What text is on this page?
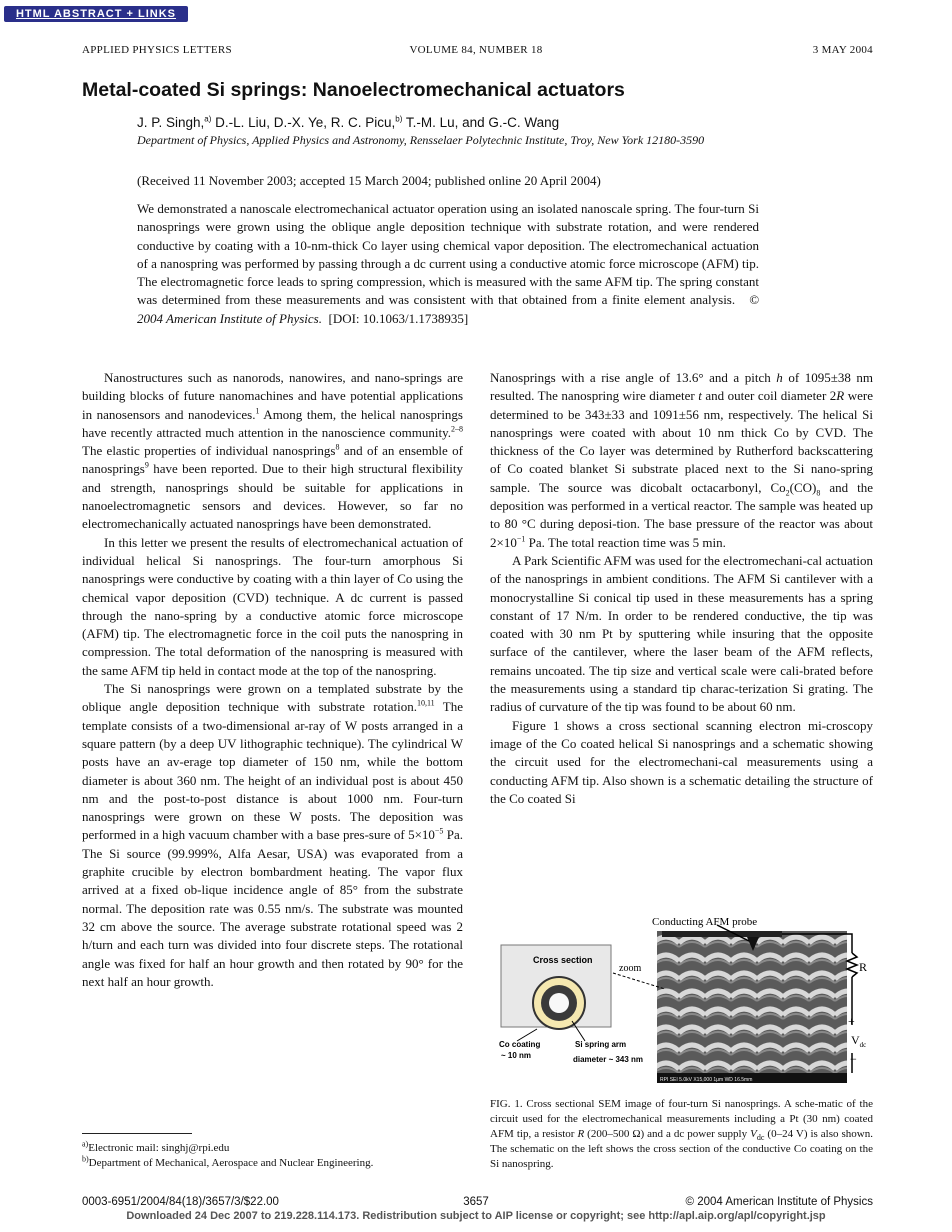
HTML ABSTRACT + LINKS
APPLIED PHYSICS LETTERS	VOLUME 84, NUMBER 18	3 MAY 2004
Metal-coated Si springs: Nanoelectromechanical actuators
J. P. Singh,$^{a)}$ D.-L. Liu, D.-X. Ye, R. C. Picu,$^{b)}$ T.-M. Lu, and G.-C. Wang
Department of Physics, Applied Physics and Astronomy, Rensselaer Polytechnic Institute, Troy, New York 12180-3590
(Received 11 November 2003; accepted 15 March 2004; published online 20 April 2004)
We demonstrated a nanoscale electromechanical actuator operation using an isolated nanoscale spring. The four-turn Si nanosprings were grown using the oblique angle deposition technique with substrate rotation, and were rendered conductive by coating with a 10-nm-thick Co layer using chemical vapor deposition. The electromechanical actuation of a nanospring was performed by passing through a dc current using a conductive atomic force microscope (AFM) tip. The electromagnetic force leads to spring compression, which is measured with the same AFM tip. The spring constant was determined from these measurements and was consistent with that obtained from a finite element analysis. © 2004 American Institute of Physics. [DOI: 10.1063/1.1738935]

Nanostructures such as nanorods, nanowires, and nano-springs are building blocks of future nanomachines and have potential applications in nanosensors and nanodevices.$^1$ Among them, the helical nanosprings have recently attracted much attention in the nanoscience community.$^{2-8}$ The elastic properties of individual nanosprings$^8$ and of an ensemble of nanosprings$^9$ have been reported. Due to their high structural flexibility and strength, nanosprings should be suitable for applications in nanoelectromagnetic sensors and devices. However, so far no electromechanically actuated nanosprings have been demonstrated.

In this letter we present the results of electromechanical actuation of individual helical Si nanosprings. The four-turn amorphous Si nanosprings were conductive by coating with a thin layer of Co using the chemical vapor deposition (CVD) technique. A dc current is passed through the nano-spring by a conductive atomic force microscope (AFM) tip. The electromagnetic force in the coil puts the nanospring in compression. The total deformation of the nanospring is measured with the same AFM tip held in contact mode at the top of the nanospring.

The Si nanosprings were grown on a templated substrate by the oblique angle deposition technique with substrate rotation.$^{10,11}$ The template consists of a two-dimensional ar-ray of W posts arranged in a square pattern (by a deep UV lithographic technique). The cylindrical W posts have an av-erage top diameter of 150 nm, while the bottom diameter is about 360 nm. The height of an individual post is about 450 nm and the post-to-post distance is about 1000 nm. Four-turn nanosprings were grown on these W posts. The deposition was performed in a high vacuum chamber with a base pres-sure of $5\times 10^{-5}$ Pa. The Si source (99.999%, Alfa Aesar, USA) was evaporated from a graphite crucible by electron bombardment heating. The vapor flux arrived at a fixed ob-lique incidence angle of 85° from the substrate normal. The deposition rate was 0.55 nm/s. The substrate was mounted 32 cm above the source. The average substrate rotational speed was 2 h/turn and each turn was divided into four discrete steps. The rotational angle was fixed for half an hour growth and then rotated by 90° for the next half an hour growth.

Nanosprings with a rise angle of 13.6° and a pitch h of 1095±38 nm resulted. The nanospring wire diameter t and outer coil diameter 2R were determined to be 343±33 and 1091±56 nm, respectively. The helical Si nanosprings were coated with about 10 nm thick Co by CVD. The thickness of the Co layer was determined by Rutherford backscattering of Co coated blanket Si substrate placed next to the Si nano-spring sample. The source was dicobalt octacarbonyl, $Co_2(CO)_8$ and the deposition was performed in a vertical reactor. The sample was heated up to 80 °C during deposi-tion. The base pressure of the reactor was about $2\times 10^{-1}$ Pa. The total reaction time was 5 min.

A Park Scientific AFM was used for the electromechani-cal actuation of the nanosprings in ambient conditions. The AFM Si cantilever with a monocrystalline Si conical tip used in these measurements has a spring constant of 17 N/m. In order to be rendered conductive, the tip was coated with 30 nm Pt by sputtering while insuring that the opposite surface of the cantilever, where the laser beam of the AFM reflects, remains uncoated. The tip size and vertical scale were cali-brated before the measurements using a standard tip charac-terization Si grating. The radius of curvature of the tip was found to be about 60 nm.

Figure 1 shows a cross sectional scanning electron mi-croscopy image of the Co coated helical Si nanosprings and a schematic showing the circuit used for the electromechani-cal measurements using a conducting AFM tip. Also shown is a schematic detailing the structure of the Co coated Si

RPI SEI 5.0kV X15,000 1μm WD 16.5mm
Conducting AFM probe
R
+
$V_{dc}$
−
Cross section
zoom
Co coating
~ 10 nm
Si spring arm
diameter ~ 343 nm
FIG. 1. Cross sectional SEM image of four-turn Si nanosprings. A sche-matic of the circuit used for the electromechanical measurements including a Pt (30 nm) coated AFM tip, a resistor R (200–500 Ω) and a dc power supply $V_{dc}$ (0–24 V) is also shown. The schematic on the left shows the cross section of the conductive Co coating on the Si nanospring.
$^{a)}$Electronic mail: singhj@rpi.edu
$^{b)}$Department of Mechanical, Aerospace and Nuclear Engineering.
0003-6951/2004/84(18)/3657/3/$22.00	3657	© 2004 American Institute of Physics
Downloaded 24 Dec 2007 to 219.228.114.173. Redistribution subject to AIP license or copyright; see http://apl.aip.org/apl/copyright.jsp
